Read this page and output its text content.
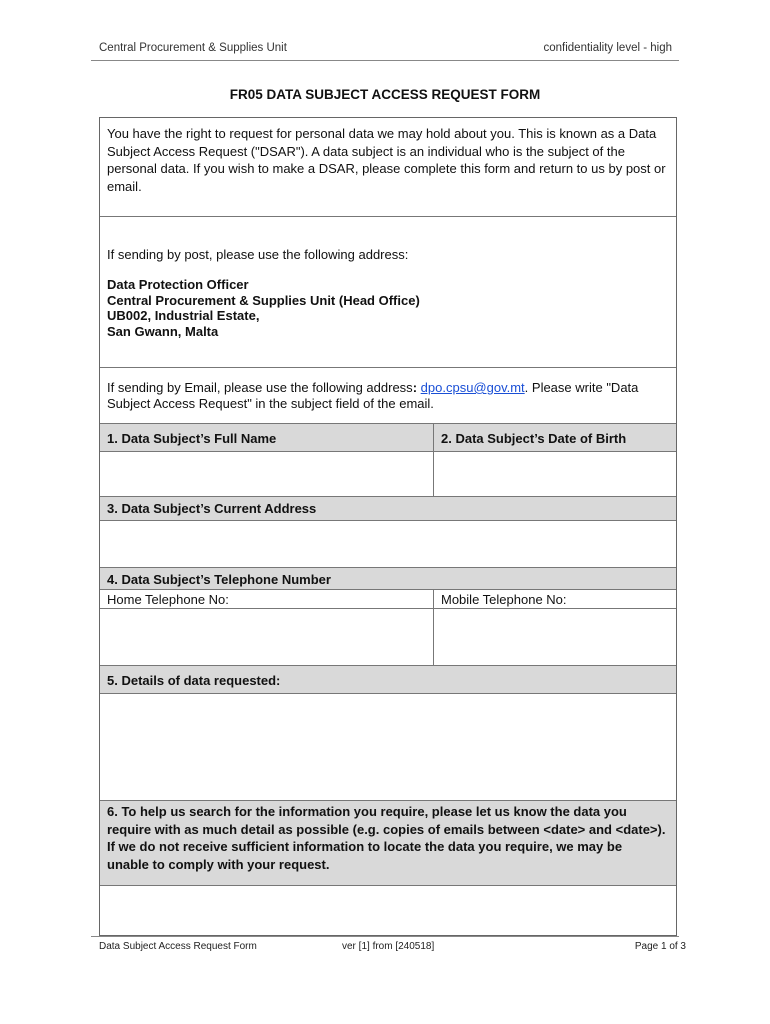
Central Procurement & Supplies Unit	confidentiality level - high
FR05 DATA SUBJECT ACCESS REQUEST FORM
You have the right to request for personal data we may hold about you. This is known as a Data Subject Access Request ("DSAR"). A data subject is an individual who is the subject of the personal data. If you wish to make a DSAR, please complete this form and return to us by post or email.
If sending by post, please use the following address:
Data Protection Officer
Central Procurement & Supplies Unit (Head Office)
UB002, Industrial Estate,
San Gwann, Malta
If sending by Email, please use the following address: dpo.cpsu@gov.mt. Please write "Data Subject Access Request" in the subject field of the email.
1. Data Subject’s Full Name	2. Data Subject’s Date of Birth
3. Data Subject’s Current Address
4. Data Subject’s Telephone Number
Home Telephone No:	Mobile Telephone No:
5. Details of data requested:
6. To help us search for the information you require, please let us know the data you require with as much detail as possible (e.g. copies of emails between <date> and <date>). If we do not receive sufficient information to locate the data you require, we may be unable to comply with your request.
Data Subject Access Request Form	ver [1] from [240518]	Page 1 of 3
